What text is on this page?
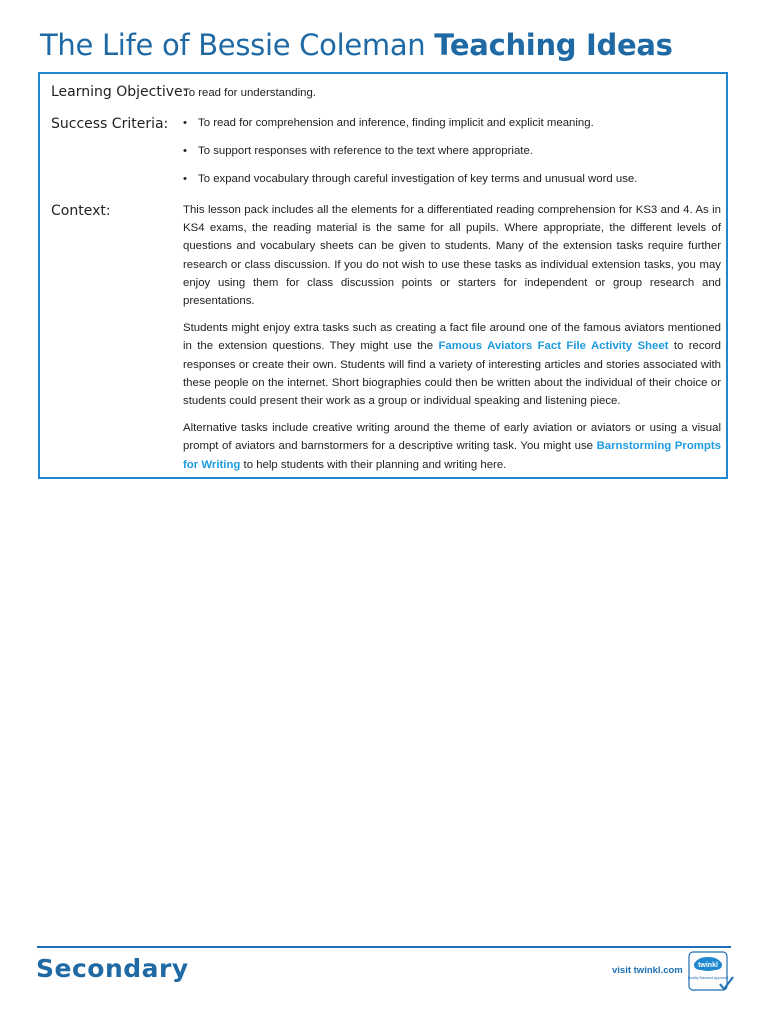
The Life of Bessie Coleman Teaching Ideas
Learning Objective:
To read for understanding.
Success Criteria: • To read for comprehension and inference, finding implicit and explicit meaning.
• To support responses with reference to the text where appropriate.
• To expand vocabulary through careful investigation of key terms and unusual word use.
Context:	This lesson pack includes all the elements for a differentiated reading comprehension for KS3 and 4. As in KS4 exams, the reading material is the same for all pupils. Where appropriate, the different levels of questions and vocabulary sheets can be given to students. Many of the extension tasks require further research or class discussion. If you do not wish to use these tasks as individual extension tasks, you may enjoy using them for class discussion points or starters for independent or group research and presentations.

Students might enjoy extra tasks such as creating a fact file around one of the famous aviators mentioned in the extension questions. They might use the Famous Aviators Fact File Activity Sheet to record responses or create their own. Students will find a variety of interesting articles and stories associated with these people on the internet. Short biographies could then be written about the individual of their choice or students could present their work as a group or individual speaking and listening piece.

Alternative tasks include creative writing around the theme of early aviation or aviators or using a visual prompt of aviators and barnstormers for a descriptive writing task. You might use Barnstorming Prompts for Writing to help students with their planning and writing here.

Secondary	visit twinkl.com twinkl
Quality Standard Approved
